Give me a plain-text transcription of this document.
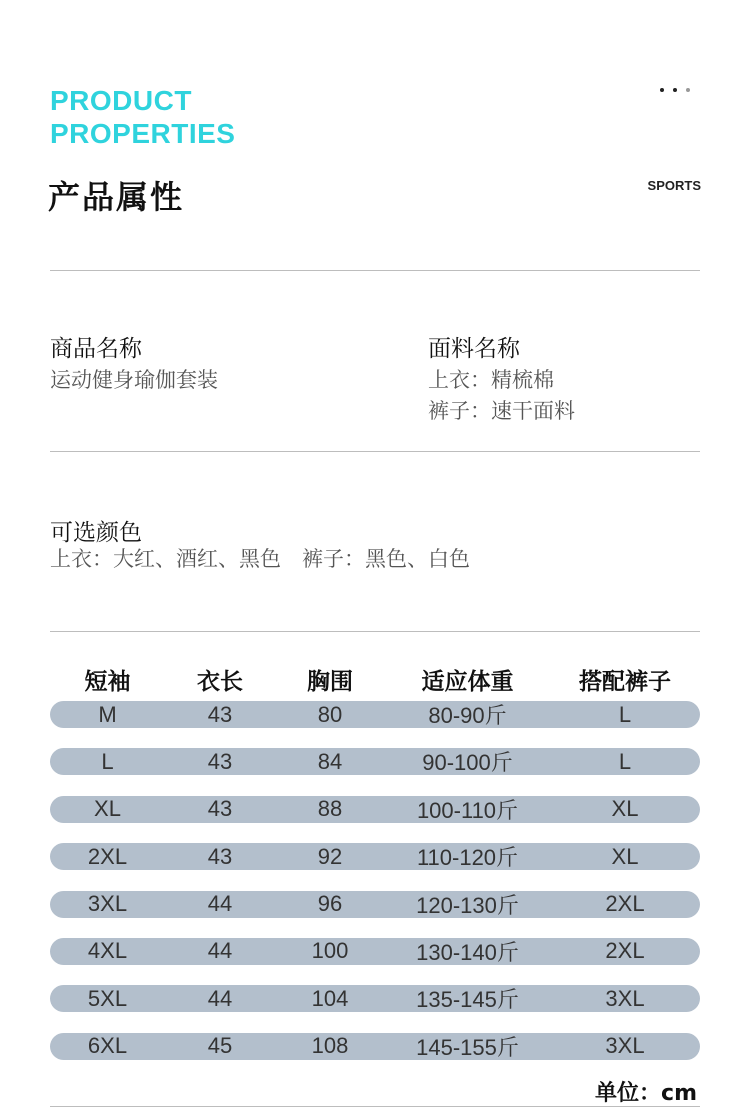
PRODUCT
PROPERTIES
产品属性	SPORTS
商品名称
运动健身瑜伽套装
面料名称
上衣：精梳棉
裤子：速干面料
可选颜色
上衣：大红、酒红、黑色　裤子：黑色、白色
短袖	衣长	胸围	适应体重	搭配裤子
M	43	80	80-90斤	L
L	43	84	90-100斤	L
XL	43	88	100-110斤	XL
2XL	43	92	110-120斤	XL
3XL	44	96	120-130斤	2XL
4XL	44	100	130-140斤	2XL
5XL	44	104	135-145斤	3XL
6XL	45	108	145-155斤	3XL
单位：cm
